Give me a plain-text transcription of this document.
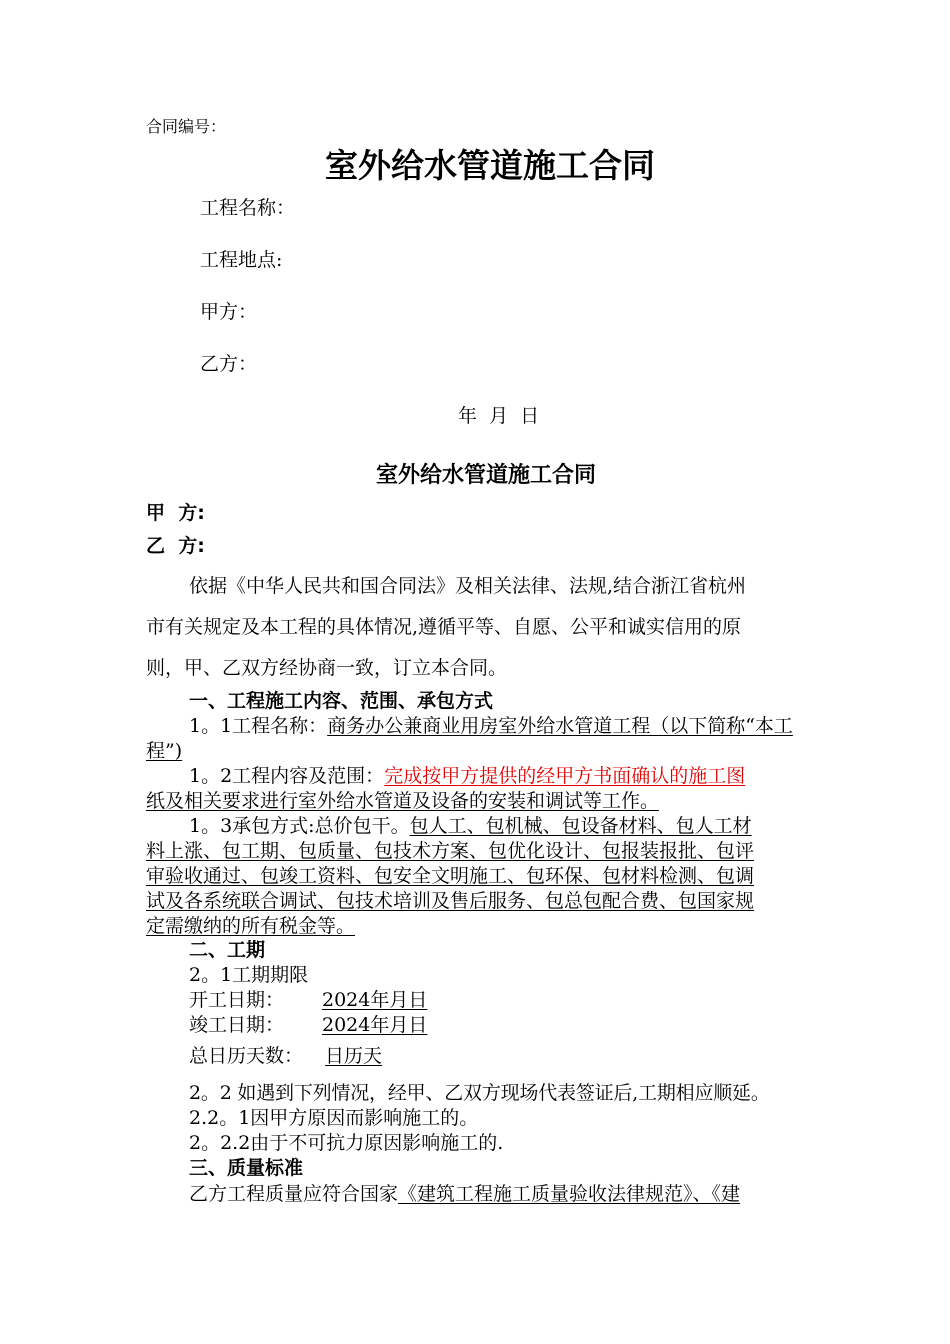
合同编号：
室外给水管道施工合同
工程名称：
工程地点:
甲方：
乙方：
年  月  日
室外给水管道施工合同
甲  方:
乙  方:
依据《中华人民共和国合同法》及相关法律、法规,结合浙江省杭州
市有关规定及本工程的具体情况,遵循平等、自愿、公平和诚实信用的原
则，甲、乙双方经协商一致，订立本合同。
一、工程施工内容、范围、承包方式
1。1工程名称：商务办公兼商业用房室外给水管道工程（以下简称“本工
程”)
1。2工程内容及范围：完成按甲方提供的经甲方书面确认的施工图
纸及相关要求进行室外给水管道及设备的安装和调试等工作。
1。3承包方式:总价包干。包人工、包机械、包设备材料、包人工材
料上涨、包工期、包质量、包技术方案、包优化设计、包报装报批、包评
审验收通过、包竣工资料、包安全文明施工、包环保、包材料检测、包调
试及各系统联合调试、包技术培训及售后服务、包总包配合费、包国家规
定需缴纳的所有税金等。
二、工期
2。1工期期限
开工日期： 2024年月日
竣工日期： 2024年月日
总日历天数： 日历天
2。2 如遇到下列情况，经甲、乙双方现场代表签证后,工期相应顺延。
2.2。1因甲方原因而影响施工的。
2。2.2由于不可抗力原因影响施工的.
三、质量标准
乙方工程质量应符合国家《建筑工程施工质量验收法律规范》、《建
